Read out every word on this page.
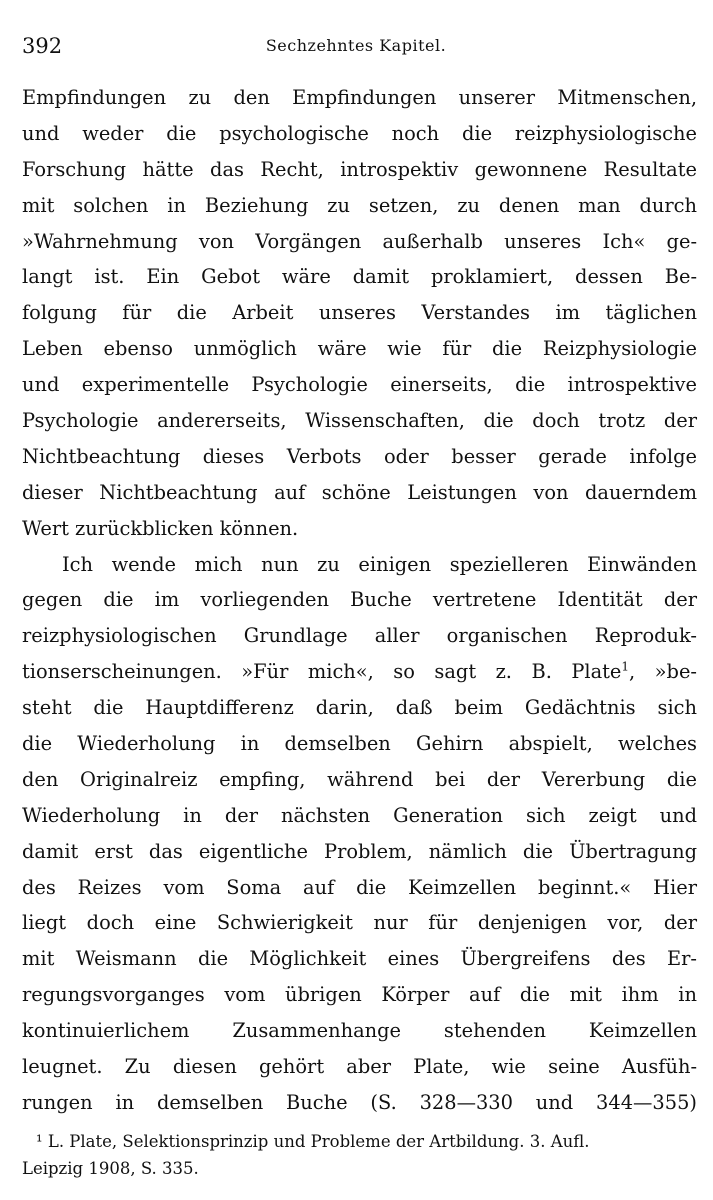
392	Sechzehntes Kapitel.
Empfindungen zu den Empfindungen unserer Mitmenschen,
und weder die psychologische noch die reizphysiologische
Forschung hätte das Recht, introspektiv gewonnene Resultate
mit solchen in Beziehung zu setzen, zu denen man durch
»Wahrnehmung von Vorgängen außerhalb unseres Ich« ge-
langt ist. Ein Gebot wäre damit proklamiert, dessen Be-
folgung für die Arbeit unseres Verstandes im täglichen
Leben ebenso unmöglich wäre wie für die Reizphysiologie
und experimentelle Psychologie einerseits, die introspektive
Psychologie andererseits, Wissenschaften, die doch trotz der
Nichtbeachtung dieses Verbots oder besser gerade infolge
dieser Nichtbeachtung auf schöne Leistungen von dauerndem
Wert zurückblicken können.
Ich wende mich nun zu einigen spezielleren Einwänden
gegen die im vorliegenden Buche vertretene Identität der
reizphysiologischen Grundlage aller organischen Reproduk-
tionserscheinungen. »Für mich«, so sagt z. B. Plate$^1$, »be-
steht die Hauptdifferenz darin, daß beim Gedächtnis sich
die Wiederholung in demselben Gehirn abspielt, welches
den Originalreiz empfing, während bei der Vererbung die
Wiederholung in der nächsten Generation sich zeigt und
damit erst das eigentliche Problem, nämlich die Übertragung
des Reizes vom Soma auf die Keimzellen beginnt.« Hier
liegt doch eine Schwierigkeit nur für denjenigen vor, der
mit Weismann die Möglichkeit eines Übergreifens des Er-
regungsvorganges vom übrigen Körper auf die mit ihm in
kontinuierlichem Zusammenhange stehenden Keimzellen
leugnet. Zu diesen gehört aber Plate, wie seine Ausfüh-
rungen in demselben Buche (S. 328—330 und 344—355)
¹ L. Plate, Selektionsprinzip und Probleme der Artbildung. 3. Aufl.
Leipzig 1908, S. 335.
